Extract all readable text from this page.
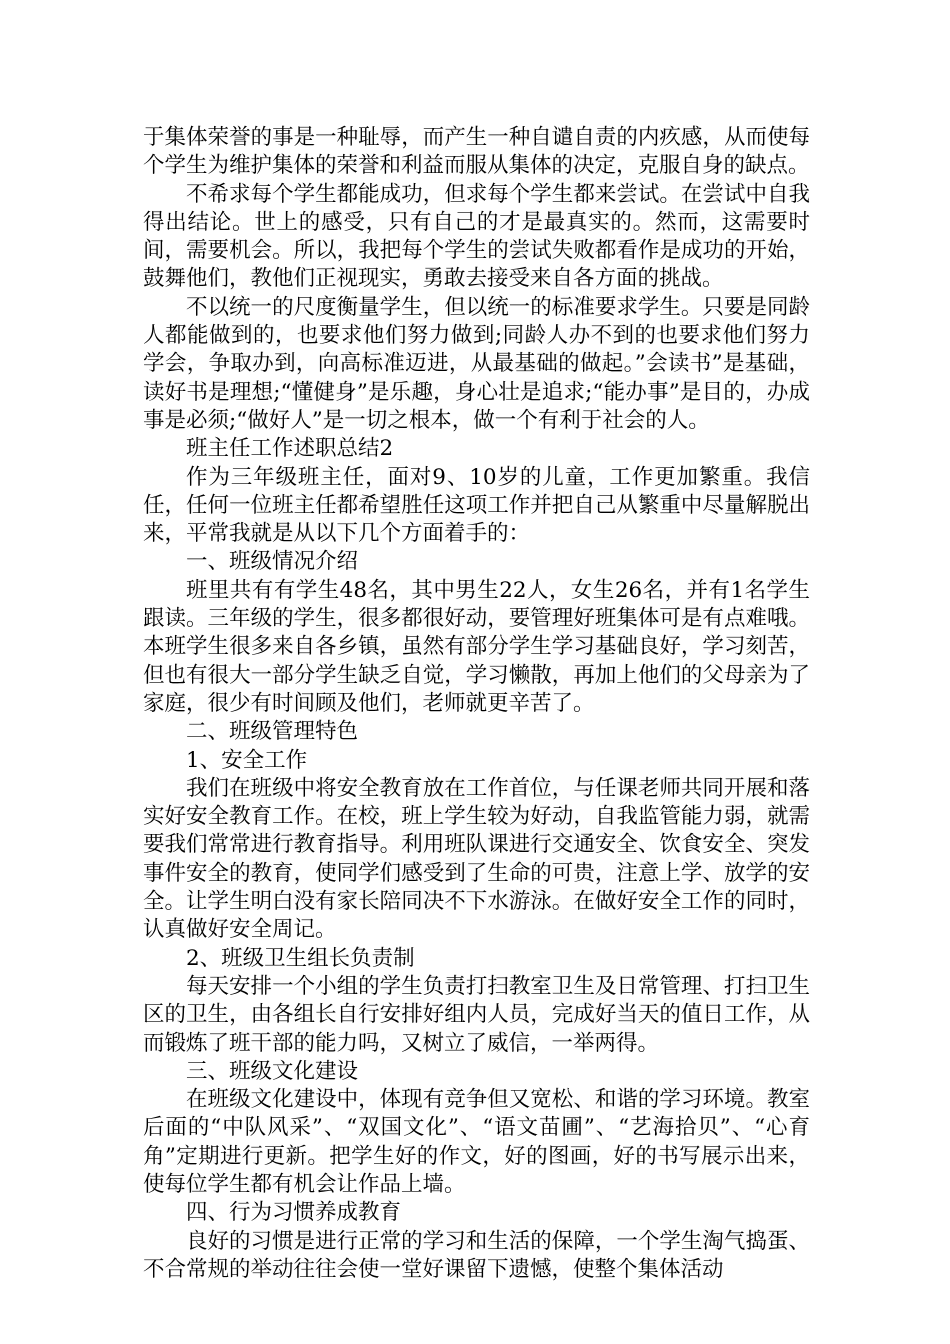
于集体荣誉的事是一种耻辱，而产生一种自谴自责的内疚感，从而使每个学生为维护集体的荣誉和利益而服从集体的决定，克服自身的缺点。

不希求每个学生都能成功，但求每个学生都来尝试。在尝试中自我得出结论。世上的感受，只有自己的才是最真实的。然而，这需要时间，需要机会。所以，我把每个学生的尝试失败都看作是成功的开始，鼓舞他们，教他们正视现实，勇敢去接受来自各方面的挑战。

不以统一的尺度衡量学生，但以统一的标准要求学生。只要是同龄人都能做到的，也要求他们努力做到;同龄人办不到的也要求他们努力学会，争取办到，向高标准迈进，从最基础的做起。”会读书”是基础，读好书是理想;“懂健身”是乐趣，身心壮是追求;“能办事”是目的，办成事是必须;“做好人”是一切之根本，做一个有利于社会的人。

班主任工作述职总结2

作为三年级班主任，面对9、10岁的儿童，工作更加繁重。我信任，任何一位班主任都希望胜任这项工作并把自己从繁重中尽量解脱出来，平常我就是从以下几个方面着手的：

一、班级情况介绍

班里共有有学生48名，其中男生22人，女生26名，并有1名学生跟读。三年级的学生，很多都很好动，要管理好班集体可是有点难哦。本班学生很多来自各乡镇，虽然有部分学生学习基础良好，学习刻苦，但也有很大一部分学生缺乏自觉，学习懒散，再加上他们的父母亲为了家庭，很少有时间顾及他们，老师就更辛苦了。

二、班级管理特色

1、安全工作

我们在班级中将安全教育放在工作首位，与任课老师共同开展和落实好安全教育工作。在校，班上学生较为好动，自我监管能力弱，就需要我们常常进行教育指导。利用班队课进行交通安全、饮食安全、突发事件安全的教育，使同学们感受到了生命的可贵，注意上学、放学的安全。让学生明白没有家长陪同决不下水游泳。在做好安全工作的同时，认真做好安全周记。

2、班级卫生组长负责制

每天安排一个小组的学生负责打扫教室卫生及日常管理、打扫卫生区的卫生，由各组长自行安排好组内人员，完成好当天的值日工作，从而锻炼了班干部的能力吗，又树立了威信，一举两得。

三、班级文化建设

在班级文化建设中，体现有竞争但又宽松、和谐的学习环境。教室后面的“中队风采”、“双国文化”、“语文苗圃”、“艺海拾贝”、“心育角”定期进行更新。把学生好的作文，好的图画，好的书写展示出来，使每位学生都有机会让作品上墙。

四、行为习惯养成教育

良好的习惯是进行正常的学习和生活的保障，一个学生淘气捣蛋、不合常规的举动往往会使一堂好课留下遗憾，使整个集体活动
